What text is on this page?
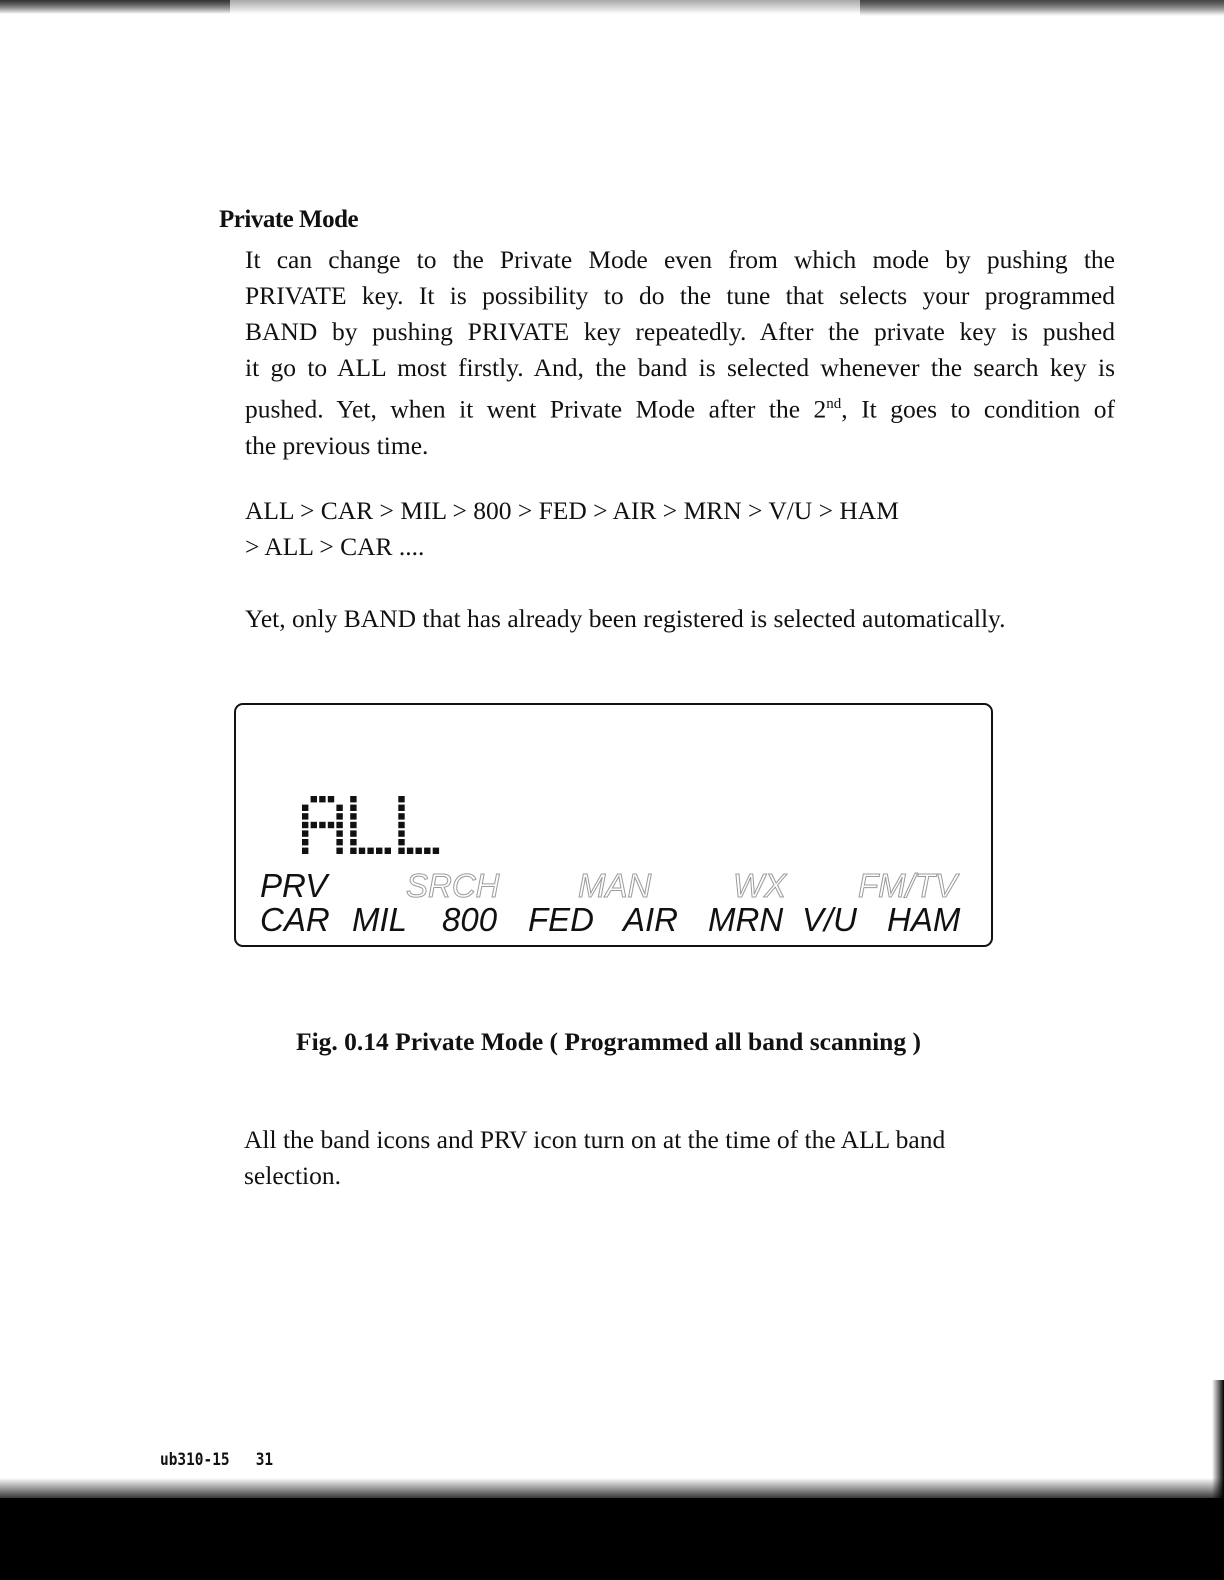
Private Mode
It can change to the Private Mode even from which mode by pushing the
PRIVATE key. It is possibility to do the tune that selects your programmed
BAND by pushing PRIVATE key repeatedly. After the private key is pushed
it go to ALL most firstly. And, the band is selected whenever the search key is
pushed. Yet, when it went Private Mode after the 2nd, It goes to condition of
the previous time.
ALL > CAR > MIL > 800 > FED > AIR > MRN > V/U > HAM
> ALL > CAR ....
Yet, only BAND that has already been registered is selected automatically.
PRV SRCH MAN WX FM/TV
CAR MIL 800 FED AIR MRN V/U HAM
Fig. 0.14 Private Mode ( Programmed all band scanning )
All the band icons and PRV icon turn on at the time of the ALL band selection.
ub310-15 31
